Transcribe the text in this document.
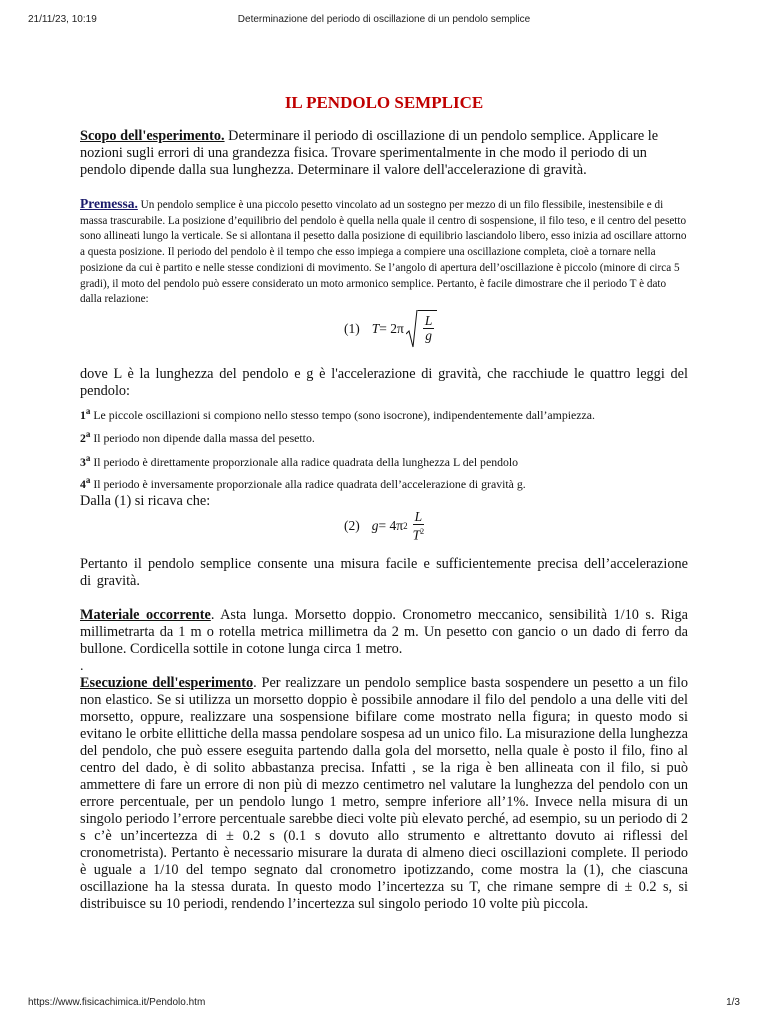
21/11/23, 10:19	Determinazione del periodo di oscillazione di un pendolo semplice
IL PENDOLO SEMPLICE

Scopo dell'esperimento. Determinare il periodo di oscillazione di un pendolo semplice. Applicare le nozioni sugli errori di una grandezza fisica. Trovare sperimentalmente in che modo il periodo di un pendolo dipende dalla sua lunghezza. Determinare il valore dell'accelerazione di gravità.

Premessa. Un pendolo semplice è una piccolo pesetto vincolato ad un sostegno per mezzo di un filo flessibile, inestensibile e di massa trascurabile. La posizione d’equilibrio del pendolo è quella nella quale il centro di sospensione, il filo teso, e il centro del pesetto sono allineati lungo la verticale. Se si allontana il pesetto dalla posizione di equilibrio lasciandolo libero, esso inizia ad oscillare attorno a questa posizione. Il periodo del pendolo è il tempo che esso impiega a compiere una oscillazione completa, cioè a tornare nella posizione da cui è partito e nelle stesse condizioni di movimento. Se l’angolo di apertura dell’oscillazione è piccolo (minore di circa 5 gradi), il moto del pendolo può essere considerato un moto armonico semplice. Pertanto, è facile dimostrare che il periodo T è dato dalla relazione:

(1) $T = 2\pi \frac{L}{g}$

dove L è la lunghezza del pendolo e g è l'accelerazione di gravità, che racchiude le quattro leggi del pendolo:

1$^a$ Le piccole oscillazioni si compiono nello stesso tempo (sono isocrone), indipendentemente dall’ampiezza.

2$^a$ Il periodo non dipende dalla massa del pesetto.

3$^a$ Il periodo è direttamente proporzionale alla radice quadrata della lunghezza L del pendolo

4$^a$ Il periodo è inversamente proporzionale alla radice quadrata dell’accelerazione di gravità g.

Dalla (1) si ricava che:

(2) g = 4π $2 \frac{L}{T^2}$

Pertanto il pendolo semplice consente una misura facile e sufficientemente precisa dell’accelerazione di gravità.

Materiale occorrente. Asta lunga. Morsetto doppio. Cronometro meccanico, sensibilità 1/10 s. Riga millimetrarta da 1 m o rotella metrica millimetra da 2 m. Un pesetto con gancio o un dado di ferro da bullone. Cordicella sottile in cotone lunga circa 1 metro.

.

Esecuzione dell'esperimento. Per realizzare un pendolo semplice basta sospendere un pesetto a un filo non elastico. Se si utilizza un morsetto doppio è possibile annodare il filo del pendolo a una delle viti del morsetto, oppure, realizzare una sospensione bifilare come mostrato nella figura; in questo modo si evitano le orbite ellittiche della massa pendolare sospesa ad un unico filo. La misurazione della lunghezza del pendolo, che può essere eseguita partendo dalla gola del morsetto, nella quale è posto il filo, fino al centro del dado, è di solito abbastanza precisa. Infatti , se la riga è ben allineata con il filo, si può ammettere di fare un errore di non più di mezzo centimetro nel valutare la lunghezza del pendolo con un errore percentuale, per un pendolo lungo 1 metro, sempre inferiore all’1%. Invece nella misura di un singolo periodo l’errore percentuale sarebbe dieci volte più elevato perché, ad esempio, su un periodo di 2 s c’è un’incertezza di ± 0.2 s (0.1 s dovuto allo strumento e altrettanto dovuto ai riflessi del cronometrista). Pertanto è necessario misurare la durata di almeno dieci oscillazioni complete. Il periodo è uguale a 1/10 del tempo segnato dal cronometro ipotizzando, come mostra la (1), che ciascuna oscillazione ha la stessa durata. In questo modo l’incertezza su T, che rimane sempre di ± 0.2 s, si distribuisce su 10 periodi, rendendo l’incertezza sul singolo periodo 10 volte più piccola.

https://www.fisicachimica.it/Pendolo.htm	1/3
